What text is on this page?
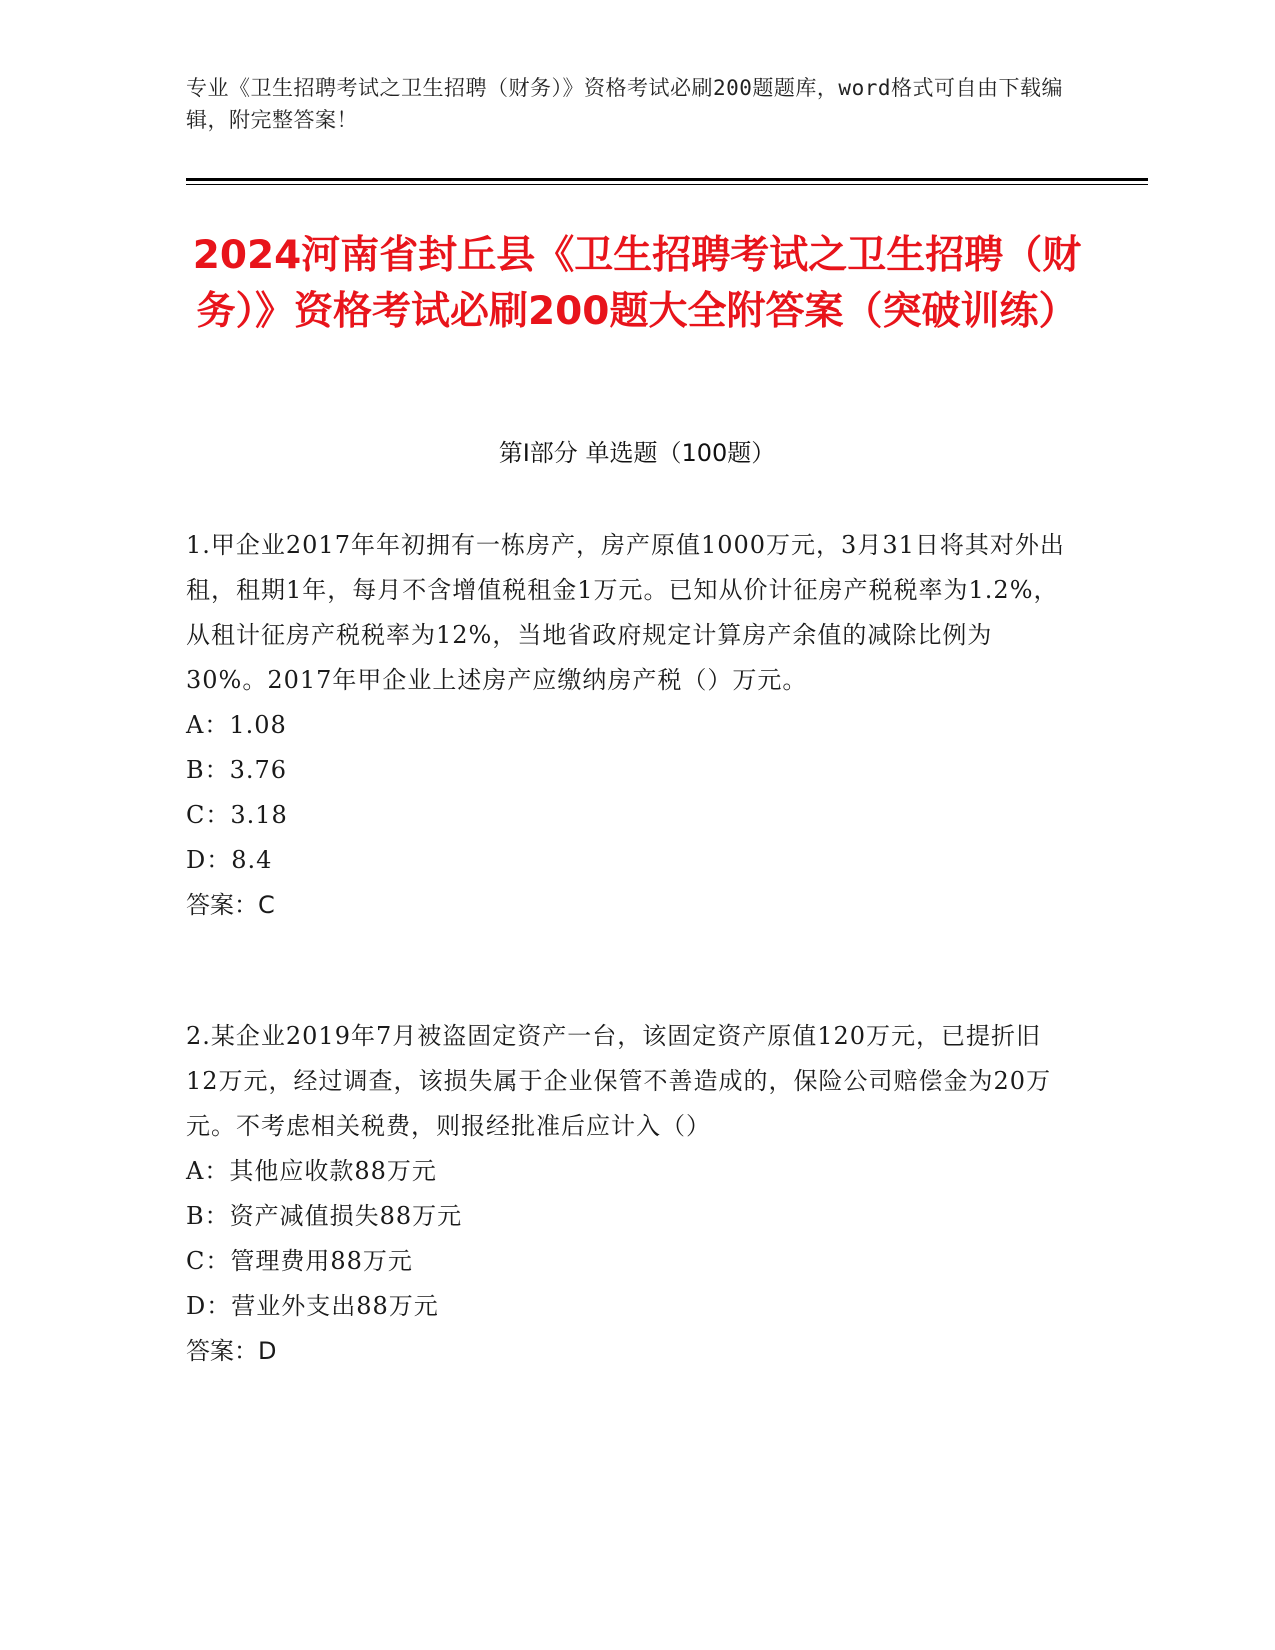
专业《卫生招聘考试之卫生招聘（财务）》资格考试必刷200题题库，word格式可自由下载编辑，附完整答案！
2024河南省封丘县《卫生招聘考试之卫生招聘（财务）》资格考试必刷200题大全附答案（突破训练）
第I部分 单选题（100题）
1.甲企业2017年年初拥有一栋房产，房产原值1000万元，3月31日将其对外出租，租期1年，每月不含增值税租金1万元。已知从价计征房产税税率为1.2%，从租计征房产税税率为12%，当地省政府规定计算房产余值的减除比例为30%。2017年甲企业上述房产应缴纳房产税（）万元。
A：1.08
B：3.76
C：3.18
D：8.4
答案：C
2.某企业2019年7月被盗固定资产一台，该固定资产原值120万元，已提折旧12万元，经过调查，该损失属于企业保管不善造成的，保险公司赔偿金为20万元。不考虑相关税费，则报经批准后应计入（）
A：其他应收款88万元
B：资产减值损失88万元
C：管理费用88万元
D：营业外支出88万元
答案：D
